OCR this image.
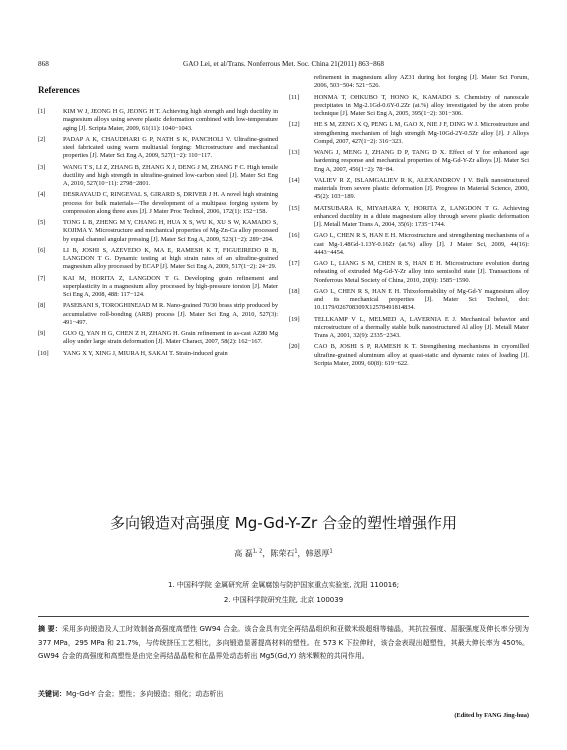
868	GAO Lei, et al/Trans. Nonferrous Met. Soc. China 21(2011) 863−868
References
[1]	KIM W J, JEONG H G, JEONG H T. Achieving high strength and high ductility in magnesium alloys using severe plastic deformation combined with low-temperature aging [J]. Scripta Mater, 2009, 61(11): 1040−1043.
[2]	PADAP A K, CHAUDHARI G P, NATH S K, PANCHOLI V. Ultrafine-grained steel fabricated using warm multiaxial forging: Microstructure and mechanical properties [J]. Mater Sci Eng A, 2009, 527(1−2): 110−117.
[3]	WANG T S, LI Z, ZHANG B, ZHANG X J, DENG J M, ZHANG F C. High tensile ductility and high strength in ultrafine-grained low-carbon steel [J]. Mater Sci Eng A, 2010, 527(10−11): 2798−2801.
[4]	DESRAYAUD C, RINGEVAL S, GIRARD S, DRIVER J H. A novel high straining process for bulk materials—The development of a multipass forging system by compression along three axes [J]. J Mater Proc Technol, 2006, 172(1): 152−158.
[5]	TONG L B, ZHENG M Y, CHANG H, HUA X S, WU K, XU S W, KAMADO S, KOJIMA Y. Microstructure and mechanical properties of Mg-Zn-Ca alloy processed by equal channel angular pressing [J]. Mater Sci Eng A, 2009, 523(1−2): 289−294.
[6]	LI B, JOSHI S, AZEVEDO K, MA E, RAMESH K T, FIGUEIREDO R B, LANGDON T G. Dynamic testing at high strain rates of an ultrafine-grained magnesium alloy processed by ECAP [J]. Mater Sci Eng A, 2009, 517(1−2): 24−29.
[7]	KAI M, HORITA Z, LANGDON T G. Developing grain refinement and superplasticity in a magnesium alloy processed by high-pressure torsion [J]. Mater Sci Eng A, 2008, 488: 117−124.
[8]	PASEBANI S, TOROGHINEJAD M R. Nano-grained 70/30 brass strip produced by accumulative roll-bonding (ARB) process [J]. Mater Sci Eng A, 2010, 527(3): 491−497.
[9]	GUO Q, YAN H G, CHEN Z H, ZHANG H. Grain refinement in as-cast AZ80 Mg alloy under large strain deformation [J]. Mater Charact, 2007, 58(2): 162−167.
[10] YANG X Y, XING J, MIURA H, SAKAI T. Strain-induced grain
refinement in magnesium alloy AZ31 during hot forging [J]. Mater Sci Forum, 2006, 503−504: 521−526.
[11] HONMA T, OHKUBO T, HONO K, KAMADO S. Chemistry of nanoscale precipitates in Mg-2.1Gd-0.6Y-0.2Zr (at.%) alloy investigated by the atom probe technique [J]. Mater Sci Eng A, 2005, 395(1−2): 301−306.
[12] HE S M, ZENG X Q, PENG L M, GAO X, NIE J F, DING W J. Microstructure and strengthening mechanism of high strength Mg-10Gd-2Y-0.5Zr alloy [J]. J Alloys Compd, 2007, 427(1−2): 316−323.
[13] WANG J, MENG J, ZHANG D P, TANG D X. Effect of Y for enhanced age hardening response and mechanical properties of Mg-Gd-Y-Zr alloys [J]. Mater Sci Eng A, 2007, 456(1−2): 78−84.
[14] VALIEV R Z, ISLAMGALIEV R K, ALEXANDROV I V. Bulk nanostructured materials from severe plastic deformation [J]. Progress in Material Science, 2000, 45(2): 103−189.
[15] MATSUBARA K, MIYAHARA Y, HORITA Z, LANGDON T G. Achieving enhanced ductility in a dilute magnesium alloy through severe plastic deformation [J]. Metall Mater Trans A, 2004, 35(6): 1735−1744.
[16] GAO L, CHEN R S, HAN E H. Microstructure and strengthening mechanisms of a cast Mg-1.48Gd-1.13Y-0.16Zr (at.%) alloy [J]. J Mater Sci, 2009, 44(16): 4443−4454.
[17] GAO L, LIANG S M, CHEN R S, HAN E H. Microstructure evolution during reheating of extruded Mg-Gd-Y-Zr alloy into semisolid state [J]. Transactions of Nonferrous Metal Society of China, 2010, 20(9): 1585−1590.
[18] GAO L, CHEN R S, HAN E H. Thixoformability of Mg-Gd-Y magnesium alloy and its mechanical properties [J]. Mater Sci Technol, doi: 10.1179/026708309X12578491814834.
[19] TELLKAMP V L, MELMED A, LAVERNIA E J. Mechanical behavior and microstructure of a thermally stable bulk nanostructured Al alloy [J]. Metall Mater Trans A, 2001, 32(9): 2335−2343.
[20] CAO B, JOSHI S P, RAMESH K T. Strengthening mechanisms in cryomilled ultrafine-grained aluminum alloy at quasi-static and dynamic rates of loading [J]. Scripta Mater, 2009, 60(8): 619−622.
多向锻造对高强度 Mg-Gd-Y-Zr 合金的塑性增强作用
高 磊$^{1, 2}$，陈荣石$^1$，韩恩厚$^1$
1. 中国科学院 金属研究所 金属腐蚀与防护国家重点实验室, 沈阳 110016;
2. 中国科学院研究生院, 北京 100039
摘 要：采用多向锻造及人工时效制备高强度高塑性 GW94 合金。该合金具有完全再结晶组织和亚微米级超细等轴晶，其抗拉强度、屈服强度及伸长率分别为 377 MPa，295 MPa 和 21.7%，与传统挤压工艺相比，多向锻造显著提高材料的塑性。在 573 K 下拉伸时，该合金表现出超塑性，其最大伸长率为 450%。GW94 合金的高强度和高塑性是由完全再结晶晶粒和在晶界处动态析出 Mg5(Gd,Y) 纳米颗粒的共同作用。
关键词：Mg-Gd-Y 合金；塑性；多向锻造；细化；动态析出
(Edited by FANG Jing-hua)
